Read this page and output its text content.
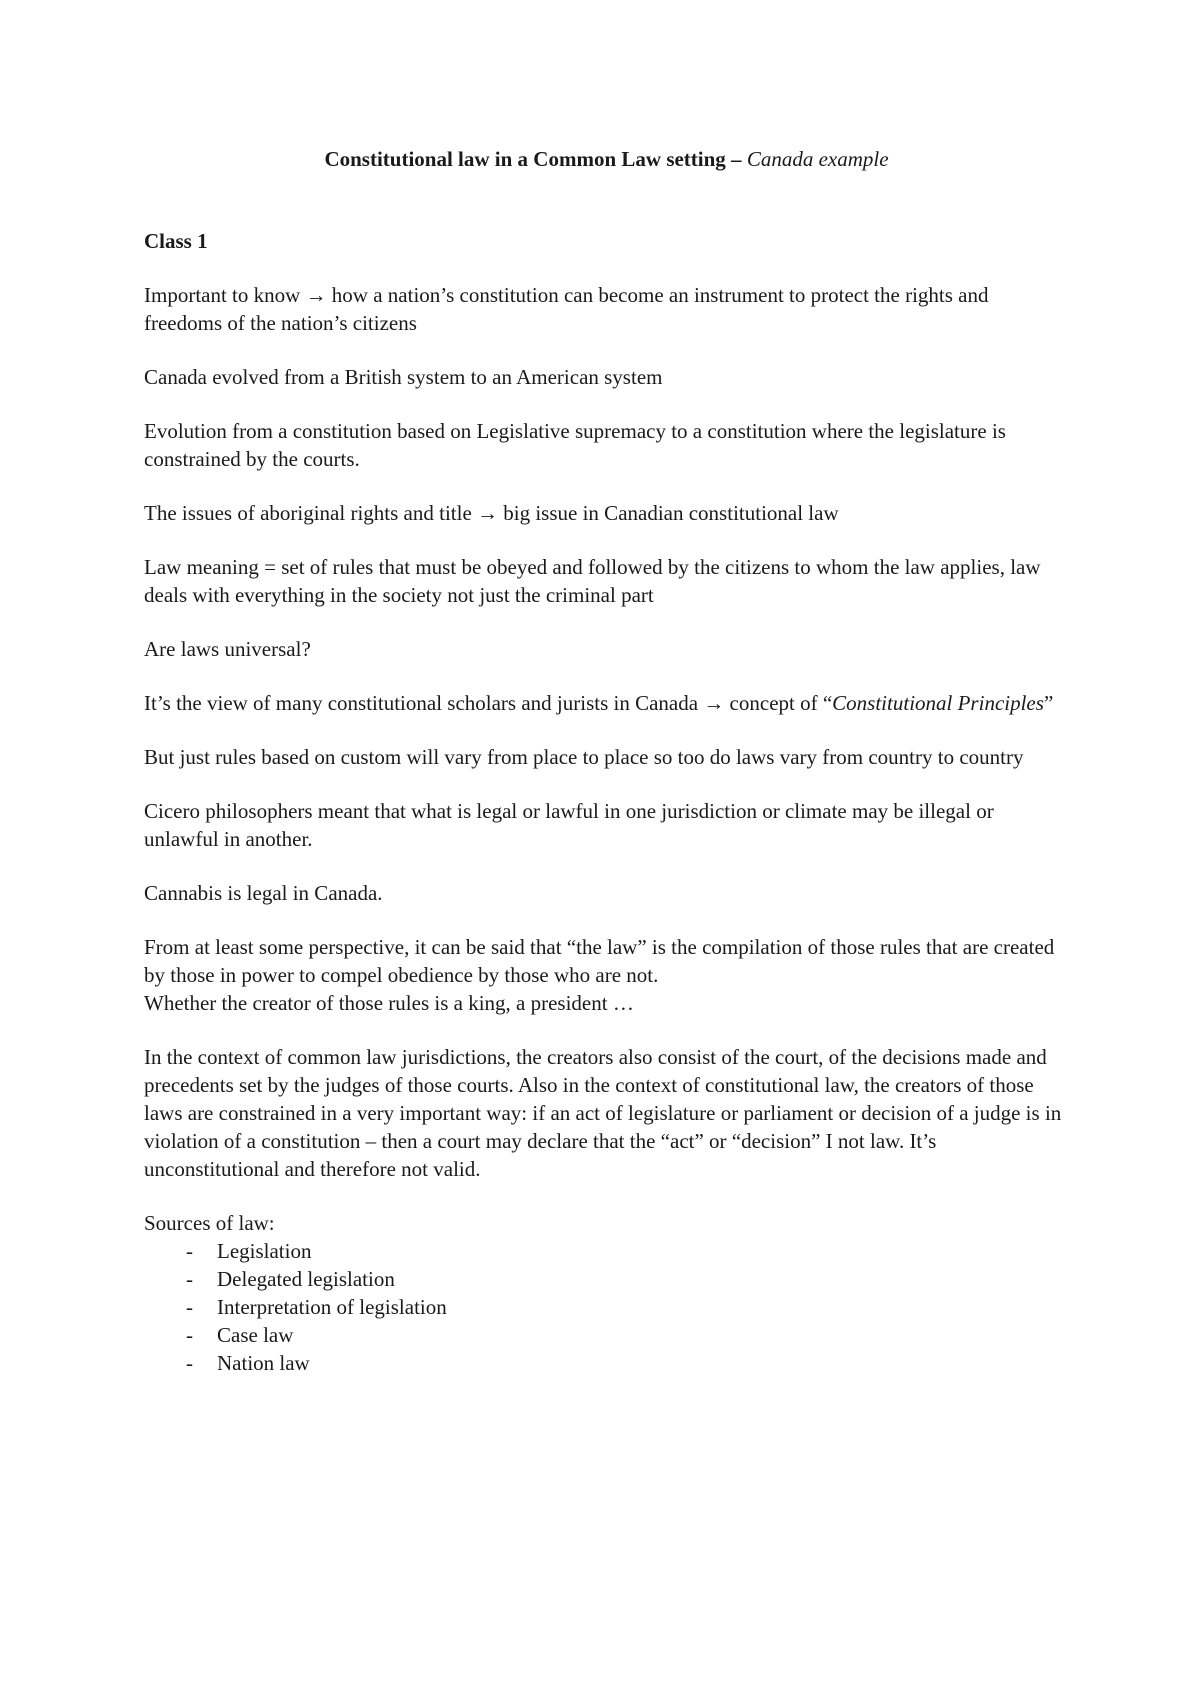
Constitutional law in a Common Law setting – Canada example
Class 1

Important to know → how a nation’s constitution can become an instrument to protect the rights and freedoms of the nation’s citizens

Canada evolved from a British system to an American system

Evolution from a constitution based on Legislative supremacy to a constitution where the legislature is constrained by the courts.

The issues of aboriginal rights and title → big issue in Canadian constitutional law

Law meaning = set of rules that must be obeyed and followed by the citizens to whom the law applies, law deals with everything in the society not just the criminal part

Are laws universal?

It’s the view of many constitutional scholars and jurists in Canada → concept of “Constitutional Principles”

But just rules based on custom will vary from place to place so too do laws vary from country to country

Cicero philosophers meant that what is legal or lawful in one jurisdiction or climate may be illegal or unlawful in another.

Cannabis is legal in Canada.

From at least some perspective, it can be said that “the law” is the compilation of those rules that are created by those in power to compel obedience by those who are not.
Whether the creator of those rules is a king, a president …

In the context of common law jurisdictions, the creators also consist of the court, of the decisions made and precedents set by the judges of those courts. Also in the context of constitutional law, the creators of those laws are constrained in a very important way: if an act of legislature or parliament or decision of a judge is in violation of a constitution – then a court may declare that the “act” or “decision” I not law. It’s unconstitutional and therefore not valid.

Sources of law:
- Legislation
- Delegated legislation
- Interpretation of legislation
- Case law
- Nation law
